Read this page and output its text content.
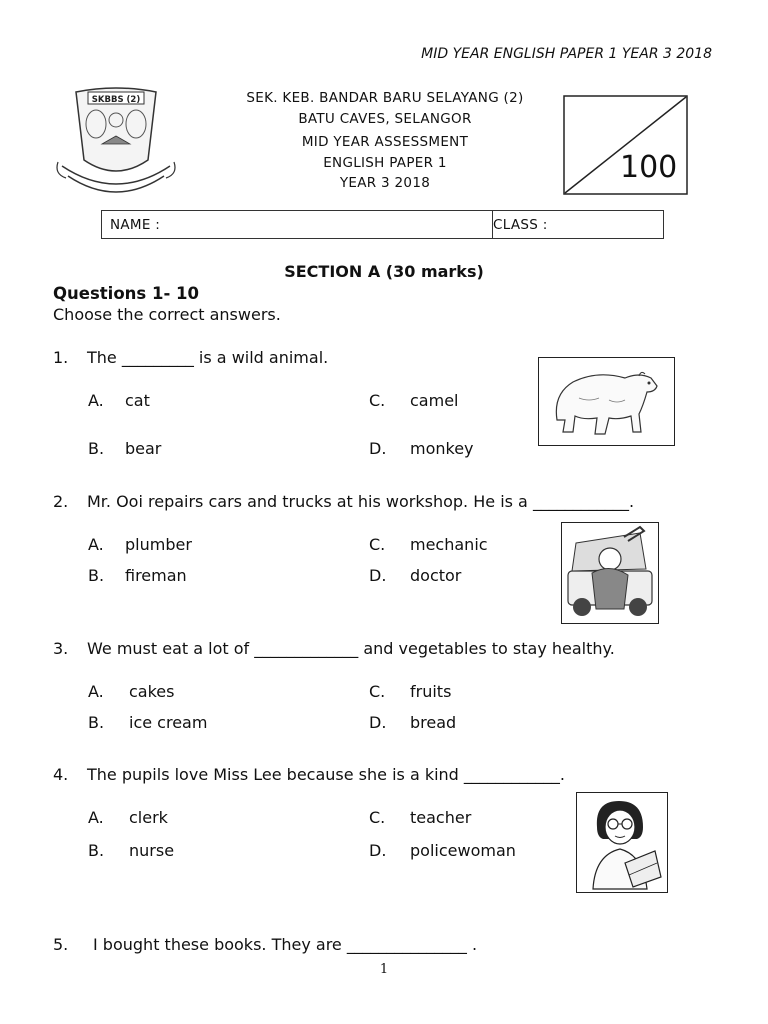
MID YEAR ENGLISH PAPER 1 YEAR 3 2018
SKBBS (2)	SEK. KEB. BANDAR BARU SELAYANG (2)
BATU CAVES, SELANGOR
MID YEAR ASSESSMENT
ENGLISH PAPER 1
YEAR 3 2018	100
NAME :	CLASS :
SECTION A (30 marks)
Questions 1- 10
Choose the correct answers.
1. The _________ is a wild animal.
A. cat	C. camel
B. bear	D. monkey
2. Mr. Ooi repairs cars and trucks at his workshop. He is a ____________.
A. plumber	C. mechanic
B. fireman	D. doctor
3. We must eat a lot of _____________ and vegetables to stay healthy.
A. cakes	C. fruits
B. ice cream	D. bread
4. The pupils love Miss Lee because she is a kind ____________.
A. clerk	C. teacher
B. nurse	D. policewoman
5. I bought these books. They are _______________ .
1
